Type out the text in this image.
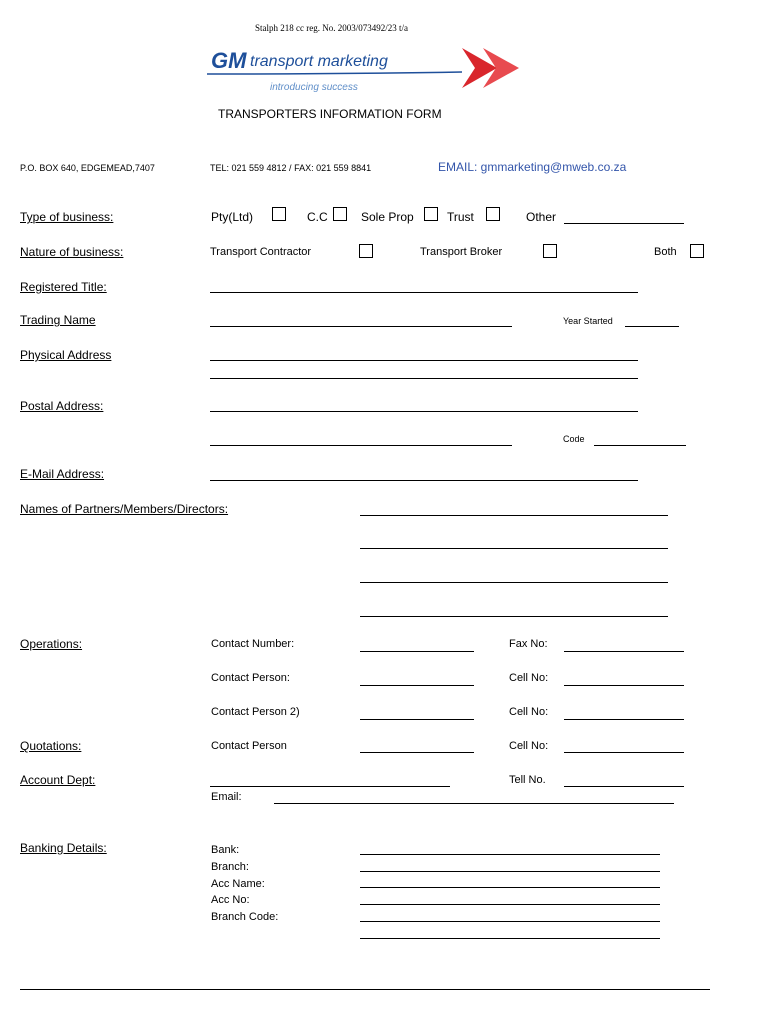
Stalph 218 cc reg. No. 2003/073492/23 t/a
GM transport marketing
introducing success
TRANSPORTERS INFORMATION FORM
P.O. BOX 640, EDGEMEAD,7407	TEL: 021 559 4812 / FAX: 021 559 8841	EMAIL: gmmarketing@mweb.co.za
Type of business:	Pty(Ltd)	C.C	Sole Prop	Trust	Other
Nature of business:	Transport Contractor	Transport Broker	Both
Registered Title:
Trading Name	Year Started
Physical Address
Postal Address:
Code
E-Mail Address:
Names of Partners/Members/Directors:
Operations:	Contact Number:	Fax No:
Contact Person:	Cell No:
Contact Person 2)	Cell No:
Quotations:	Contact Person	Cell No:
Account Dept:	Tell No.
Email:
Banking Details:	Bank:
Branch:
Acc Name:
Acc No:
Branch Code:
